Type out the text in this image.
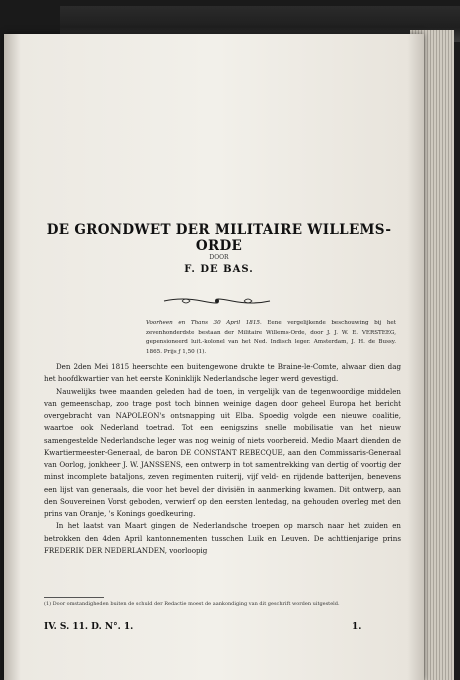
DE GRONDWET DER MILITAIRE WILLEMS-ORDE
DOOR
F. DE BAS.
Voorheen en Thans 30 April 1815. Eene vergelijkende beschouwing bij het zevenhonderdste bestaan der Militaire Willems-Orde, door J. J. W. E. VERSTEEG, gepensioneerd luit.-kolonel van het Ned. Indisch leger. Amsterdam, J. H. de Bussy. 1865. Prijs ƒ 1,50 (1).

Den 2den Mei 1815 heerschte een buitengewone drukte te Braine-le-Comte, alwaar dien dag het hoofdkwartier van het eerste Koninklijk Nederlandsche leger werd gevestigd.

Nauwelijks twee maanden geleden had de toen, in vergelijk van de tegenwoordige middelen van gemeenschap, zoo trage post toch binnen weinige dagen door geheel Europa het bericht overgebracht van NAPOLEON's ontsnapping uit Elba. Spoedig volgde een nieuwe coalitie, waartoe ook Nederland toetrad. Tot een eenigszins snelle mobilisatie van het nieuw samengestelde Nederlandsche leger was nog weinig of niets voorbereid. Medio Maart dienden de Kwartiermeester-Generaal, de baron DE CONSTANT REBECQUE, aan den Commissaris-Generaal van Oorlog, jonkheer J. W. JANSSENS, een ontwerp in tot samentrekking van dertig of voortig der minst incomplete bataljons, zeven regimenten ruiterij, vijf veld- en rijdende batterijen, benevens een lijst van generaals, die voor het bevel der divisiën in aanmerking kwamen. Dit ontwerp, aan den Souvereinen Vorst geboden, verwierf op den eersten lentedag, na gehouden overleg met den prins van Oranje, 's Konings goedkeuring.

In het laatst van Maart gingen de Nederlandsche troepen op marsch naar het zuiden en betrokken den 4den April kantonnementen tusschen Luik en Leuven. De achttienjarige prins FREDERIK DER NEDERLANDEN, voorloopig

(1) Door omstandigheden buiten de schuld der Redactie moest de aankondiging van dit geschrift worden uitgesteld.
IV. S. 11. D. N°. 1.	1.
